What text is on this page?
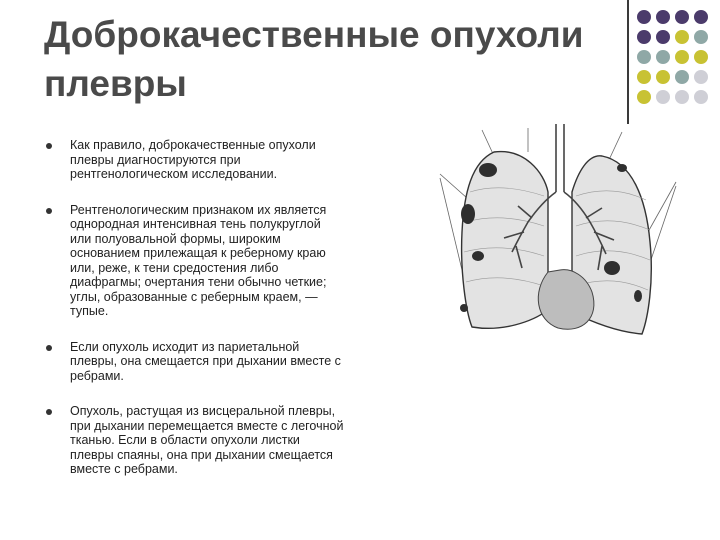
Доброкачественные опухоли
плевры
Как правило, доброкачественные опухоли
плевры диагностируются при
рентгенологическом исследовании.
Рентгенологическим признаком их является
однородная интенсивная тень полукруглой
или полуовальной формы, широким
основанием прилежащая к реберному краю
или, реже, к тени средостения либо
диафрагмы; очертания тени обычно четкие;
углы, образованные с реберным краем, —
тупые.
Если опухоль исходит из париетальной
плевры, она смещается при дыхании вместе с
ребрами.
Опухоль, растущая из висцеральной плевры,
при дыхании перемещается вместе с легочной
тканью. Если в области опухоли листки
плевры спаяны, она при дыхании смещается
вместе с ребрами.
